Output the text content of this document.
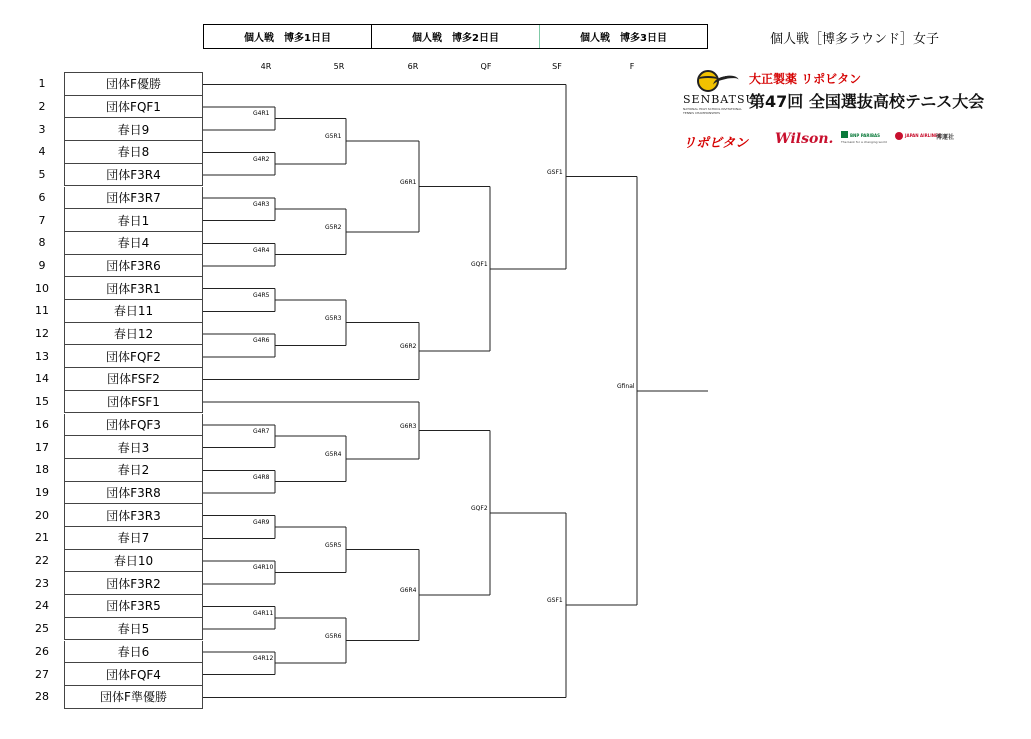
個人戦　博多1日目	個人戦　博多2日目	個人戦　博多3日目	個人戦［博多ラウンド］女子
4R	5R	6R	QF	SF	F
1	団体F優勝
2	団体FQF1
3	春日9
4	春日8
5	団体F3R4
6	団体F3R7
7	春日1
8	春日4
9	団体F3R6
10	団体F3R1
11	春日11
12	春日12
13	団体FQF2
14	団体FSF2
15	団体FSF1
16	団体FQF3
17	春日3
18	春日2
19	団体F3R8
20	団体F3R3
21	春日7
22	春日10
23	団体F3R2
24	団体F3R5
25	春日5
26	春日6
27	団体FQF4
28	団体F準優勝
G4R1
G4R2
G4R3
G4R4
G4R5
G4R6
G4R7
G4R8
G4R9
G4R10
G4R11
G4R12
G5R1
G5R2
G5R3
G5R4
G5R5
G5R6
G6R1
G6R2
G6R3
G6R4
GQF1
GQF2
GSF1
GSF1
Gfinal
SENBATSU
NATIONAL HIGH SCHOOL INVITATIONAL TENNIS CHAMPIONSHIPS
大正製薬 リポビタン
第47回 全国選抜高校テニス大会
リポビタン Wilson.	BNP PARIBAS
The bank for a changing world
JAPAN AIRLINES
博運社
